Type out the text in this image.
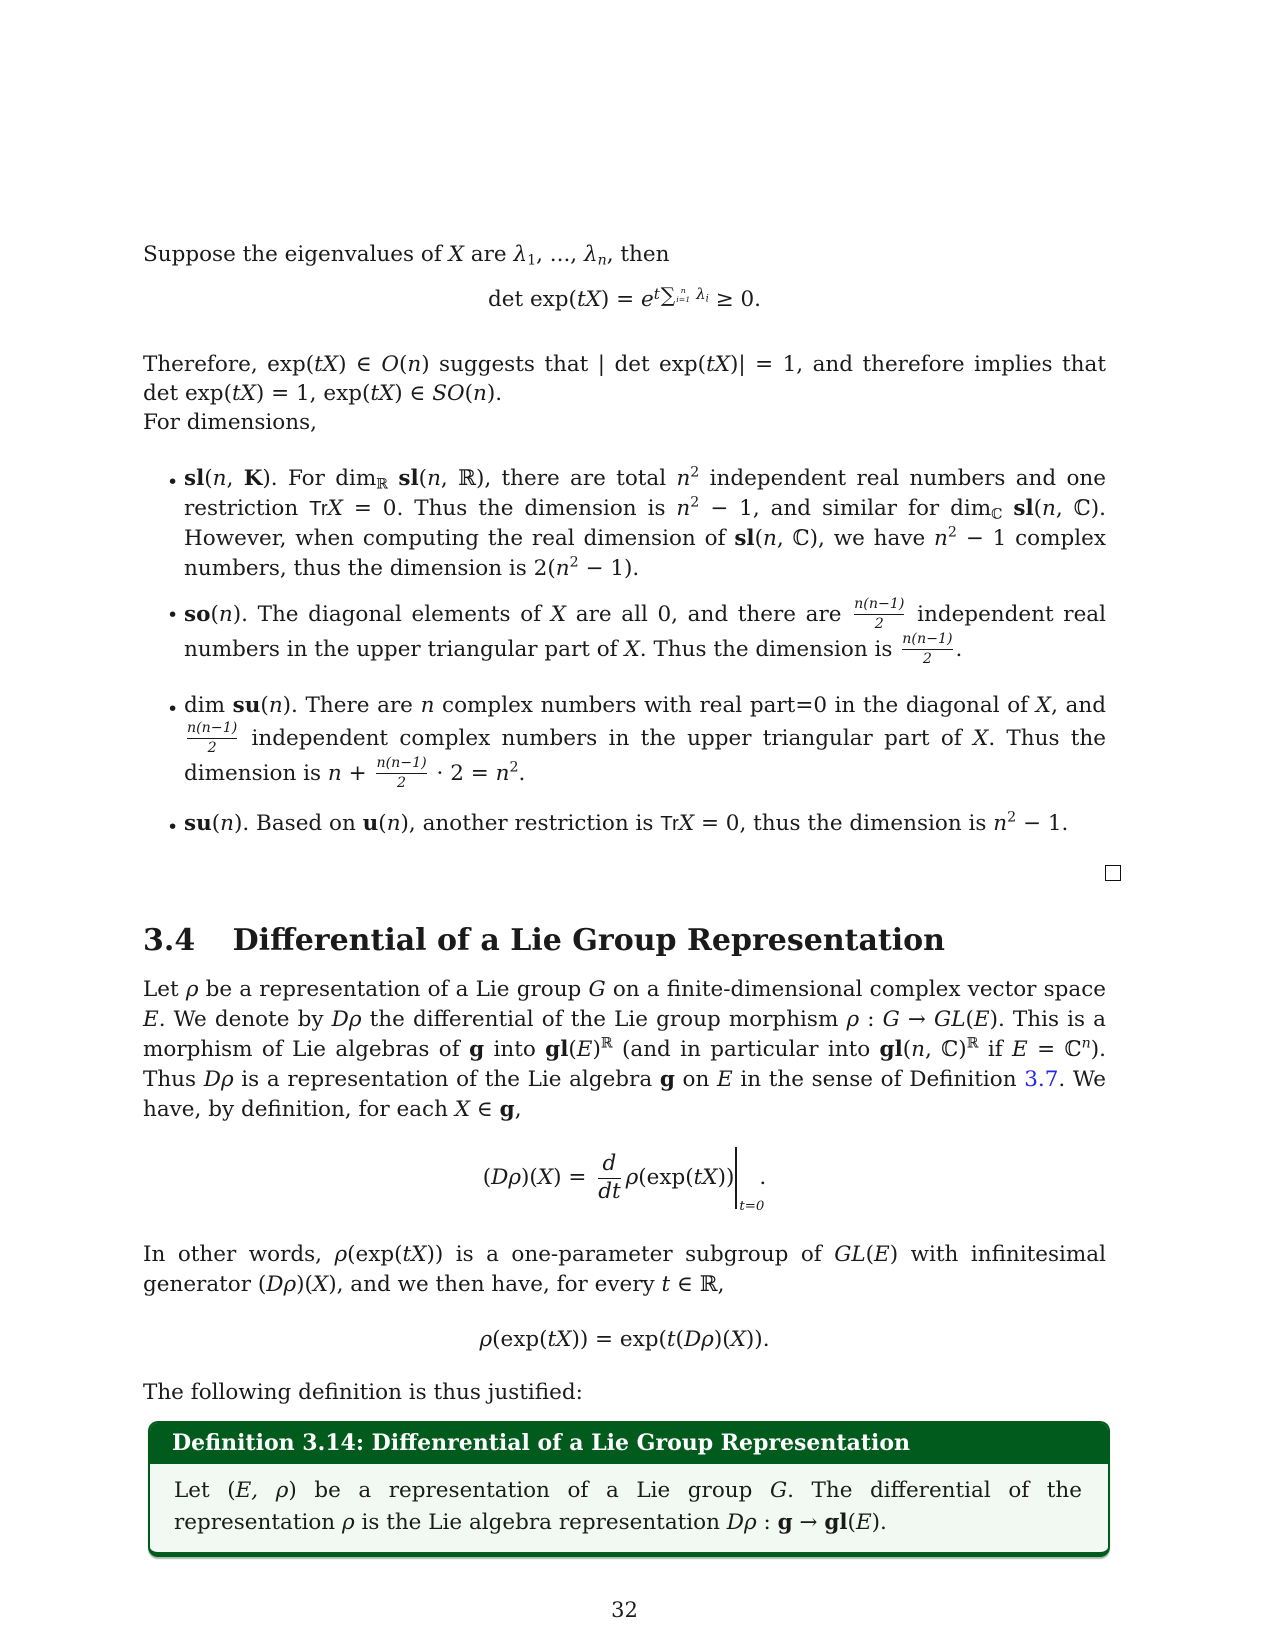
Suppose the eigenvalues of X are $\lambda_1$, ..., $\lambda_n$, then

$\det \exp(tX) = e^{t \sum n i=1 \lambda_i} \ge 0$.

Therefore, exp(tX) ∈ O(n) suggests that | det exp(tX)| = 1, and therefore implies that det exp(tX) = 1, exp(tX) ∈ SO(n).

For dimensions,

• sl(n, K). For dim$_ℝ$ sl(n, ℝ), there are total $n^2$ independent real numbers and one restriction TrX = 0. Thus the dimension is $n^2 - 1$, and similar for dim$_ℂ$ sl(n, ℂ). However, when computing the real dimension of sl(n, ℂ), we have $n^2 - 1$ complex numbers, thus the dimension is $2(n^2 - 1)$.
• so(n). The diagonal elements of X are all 0, and there are $\frac{n(n-1)}{2}$ independent real numbers in the upper triangular part of X. Thus the dimension is $\frac{n(n-1)}{2}$ .
• dim su(n). There are n complex numbers with real part=0 in the diagonal of X, and
$\frac{n(n-1)}{2}$ independent complex numbers in the upper triangular part of X. Thus the dimension is $n + \frac{n(n-1)}{2} \cdot 2 = n^2$.
• su(n). Based on u(n), another restriction is TrX = 0, thus the dimension is $n^2 - 1$.
3.4 Differential of a Lie Group Representation

Let ρ be a representation of a Lie group G on a finite-dimensional complex vector space E. We denote by Dρ the differential of the Lie group morphism ρ : G → GL(E). This is a morphism of Lie algebras of g into $gl(E)^ℝ$ (and in particular into gl(n, ℂ)$^ℝ$ if E = ℂ$^n$). Thus Dρ is a representation of the Lie algebra g on E in the sense of Definition 3.7. We have, by definition, for each X ∈ g,

$(D\rho)(X) = \frac{d}{dt} \rho(\exp(tX))$
t=0
.

In other words, ρ(exp(tX)) is a one-parameter subgroup of GL(E) with infinitesimal generator (Dρ)(X), and we then have, for every t ∈ ℝ,

ρ(exp(tX)) = exp(t(Dρ)(X)).

The following definition is thus justified:

Definition 3.14: Diffenrential of a Lie Group Representation

Let (E, ρ) be a representation of a Lie group G. The differential of the representation ρ is the Lie algebra representation Dρ : g → gl(E).

32
